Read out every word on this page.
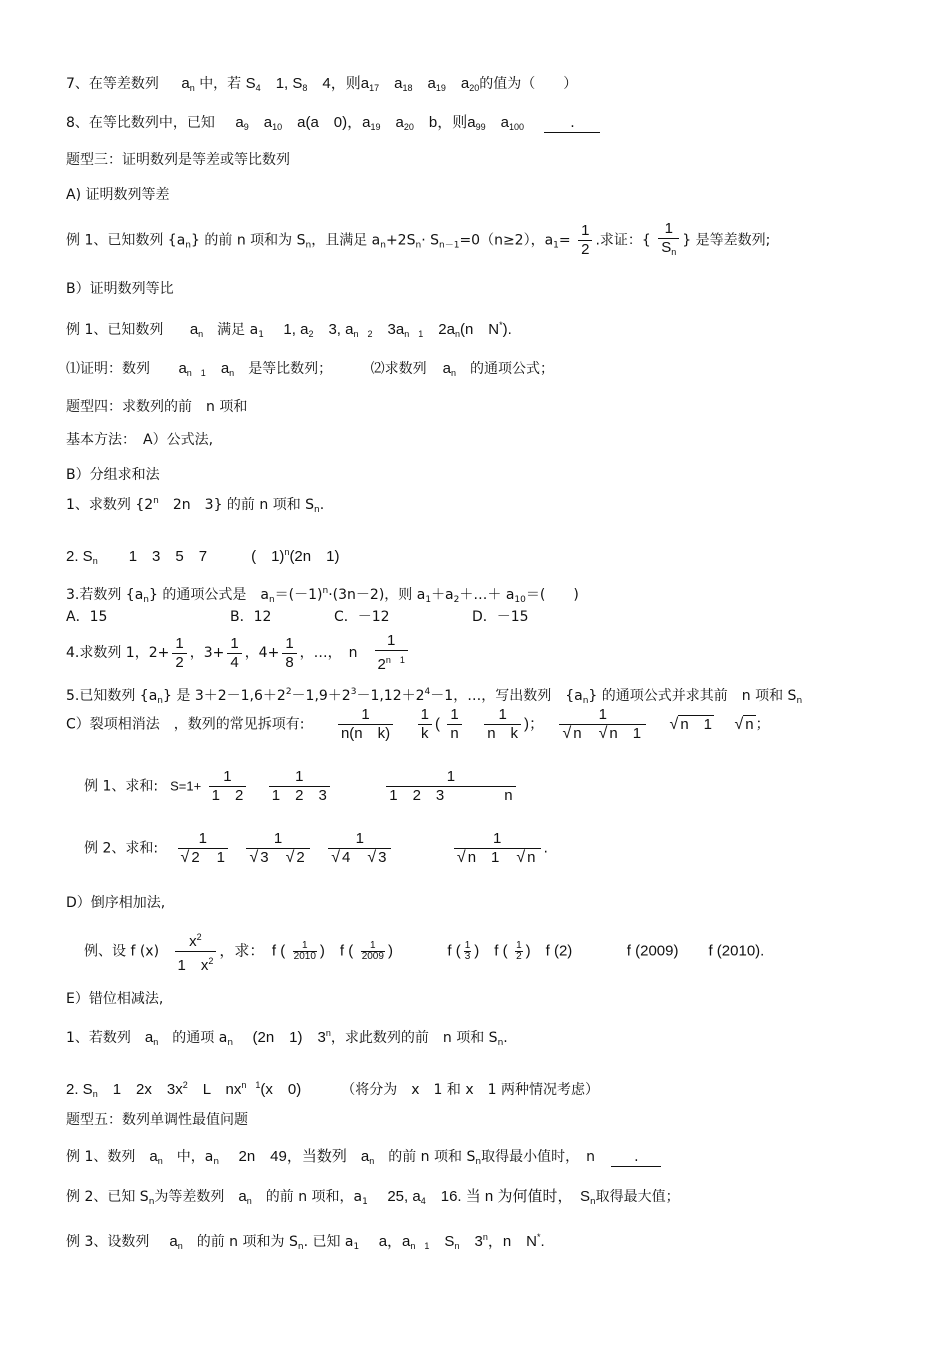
7、在等差数列 $a_n$ 中，若 $S_4$　 1, $S_8$　 4，则$a_{17}$　 $a_{18}$　 $a_{19}$　 $a_{20}$的值为（　　）
8、在等比数列中，已知 $a_9$　 $a_{10}$　 a(a　0)，$a_{19}$　 $a_{20}$　 b，则$a_{99}$　 $a_{100}$	.
题型三：证明数列是等差或等比数列
A) 证明数列等差
例 1、已知数列 $\{a_n\}$ 的前 n 项和为 $S_n$，且满足 $a_n+2S_n\cdot S_{n-1}=0(n\ge 2)$，$a_1= \frac{1}{2}$ .求证：{ $\frac{1}{S_n}$ } 是等差数列;
B）证明数列等比
例 1、已知数列 $a_n$　 满足 $a_1$ 　 1, $a_2$　 3, $a_{n 2}$　 $3a_{n 1}$　 $2a_n(n$　N*).
⑴证明：数列 $a_{n 1}$　 $a_n$　 是等比数列；	⑵求数列 $a_n$　 的通项公式；
题型四：求数列的前　n 项和
基本方法：　A）公式法,
B）分组求和法
1、求数列 {2$^n$　2n　3} 的前 n 项和 $S_n$.
2. $S_n$　1　3　5　7	(　1)$^n$(2n　1)
3.若数列 $\{a_n\}$ 的通项公式是　$a_n=(-1)^n\cdot(3n-2)$，则 $a_1+a_2+\dots+ a_{10}=$(　　)
A．15	B．12	C．－12	D．－15
4.求数列 1，$2+ \frac{1}{2}$ ，$3+ \frac{1}{4}$ ，$4+ \frac{1}{8}$ ，…，　n $\frac{1}{2^{n 1}}$
5.已知数列 $\{a_n\}$ 是 $3+2-1,6+2^2-1,9+2^3-1,12+2^4-1$，…，写出数列　$\{a_n\}$ 的通项公式并求其前　n 项和 $S_n$
C）裂项相消法　，数列的常见拆项有: $\frac{1}{\text{n(n　k)}}$
$\frac{1}{k}$ ( $\frac{1}{n}$
$\frac{1}{\text{n　k}}$ )； $\frac{1}{√ n √ n 1}$ √ n　1 √ n ；
例 1、求和: $S=1+ \frac{1}{1 2}$
$\frac{1}{1 2 3}$
	$\frac{1}{1 2 3 n}$
例 2、求和: $\frac{1}{√ 2 1}$
$\frac{1}{√ 3 √ 2}$
$\frac{1}{√ 4 √ 3}$
	$\frac{1}{√ n 1 √ n}$ .
D）倒序相加法,
例、设 f $(x) \frac{x^2}{1 x^2}$ ，求：　f ( $\frac{1}{2010}$ )　f ( $\frac{1}{2009}$ )	f ( $\frac{1}{3}$ )　f ( $\frac{1}{2}$ )　f (2)	f (2009)　　f (2010).
E）错位相减法,
1、若数列 $a_n$　 的通项 $a_n$ 　 (2n　1)　3$^n$，求此数列的前　n 项和 $S_n$.
2. $S_n$　 1　2x　$3x^2$　L　$nx^{n 1}(x$　0)	（将分为　x　1 和 x　1 两种情况考虑）
题型五：数列单调性最值问题
例 1、数列 $a_n$　 中，$a_n$ 　 2n　49，当数列 $a_n$　 的前 n 项和 $S_n$取得最小值时，　n	.
例 2、已知 $S_n$为等差数列 $a_n$　 的前 n 项和，$a_1$ 　 25, $a_4$　 16. 当 n 为何值时，　$S_n$取得最大值；
例 3、设数列 $a_n$　 的前 n 项和为 $S_n$. 已知 $a_1$ 　 a，$a_{n 1}$　 $S_n$　 3$^n$，n　N*.
